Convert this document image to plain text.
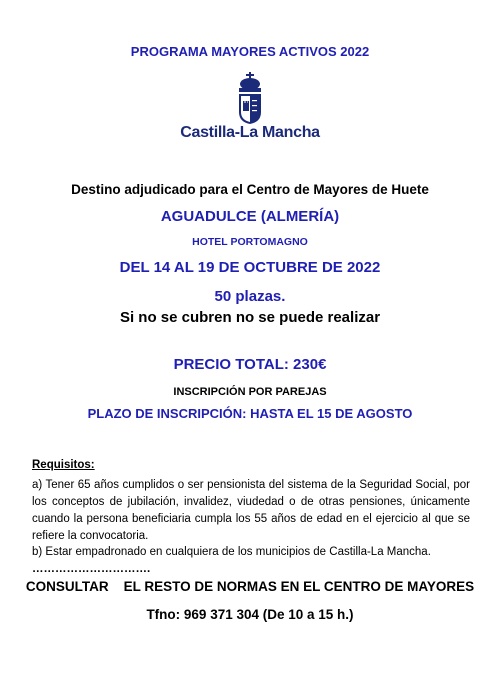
PROGRAMA MAYORES ACTIVOS 2022
Castilla-La Mancha
Destino adjudicado para el Centro de Mayores de Huete
AGUADULCE (ALMERÍA)
HOTEL PORTOMAGNO
DEL 14 AL 19 DE OCTUBRE DE 2022
50 plazas.
Si no se cubren no se puede realizar
PRECIO TOTAL: 230€
INSCRIPCIÓN POR PAREJAS
PLAZO DE INSCRIPCIÓN: HASTA EL 15 DE AGOSTO
Requisitos:
a) Tener 65 años cumplidos o ser pensionista del sistema de la Seguridad Social, por los conceptos de jubilación, invalidez, viudedad o de otras pensiones, únicamente cuando la persona beneficiaria cumpla los 55 años de edad en el ejercicio al que se refiere la convocatoria.
b) Estar empadronado en cualquiera de los municipios de Castilla-La Mancha.
………………………….
CONSULTAR    EL RESTO DE NORMAS EN EL CENTRO DE MAYORES
Tfno: 969 371 304 (De 10 a 15 h.)
